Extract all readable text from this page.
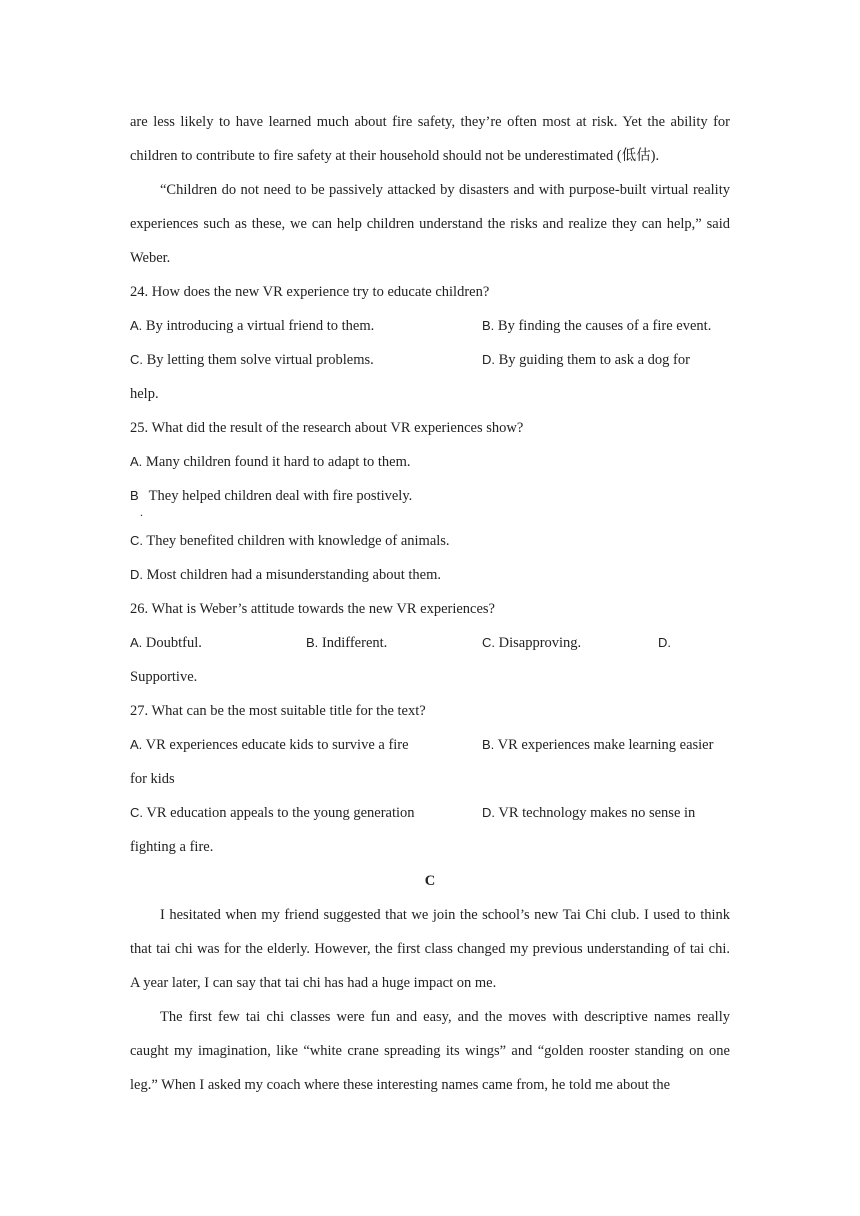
are less likely to have learned much about fire safety, they’re often most at risk. Yet the ability for children to contribute to fire safety at their household should not be underestimated (低估).

“Children do not need to be passively attacked by disasters and with purpose-built virtual reality experiences such as these, we can help children understand the risks and realize they can help,” said Weber.

24. How does the new VR experience try to educate children?

A. By introducing a virtual friend to them.	B. By finding the causes of a fire event.
C. By letting them solve virtual problems.	D. By guiding them to ask a dog for

help.

25. What did the result of the research about VR experiences show?

A. Many children found it hard to adapt to them.

B They helped children deal with fire postively.
.

C. They benefited children with knowledge of animals.

D. Most children had a misunderstanding about them.

26. What is Weber’s attitude towards the new VR experiences?

A. Doubtful.	B. Indifferent.	C. Disapproving.	D.

Supportive.

27. What can be the most suitable title for the text?

A. VR experiences educate kids to survive a fire	B. VR experiences make learning easier

for kids

C. VR education appeals to the young generation	D. VR technology makes no sense in

fighting a fire.

C

I hesitated when my friend suggested that we join the school’s new Tai Chi club. I used to think that tai chi was for the elderly. However, the first class changed my previous understanding of tai chi. A year later, I can say that tai chi has had a huge impact on me.

The first few tai chi classes were fun and easy, and the moves with descriptive names really caught my imagination, like “white crane spreading its wings” and “golden rooster standing on one leg.” When I asked my coach where these interesting names came from, he told me about the
